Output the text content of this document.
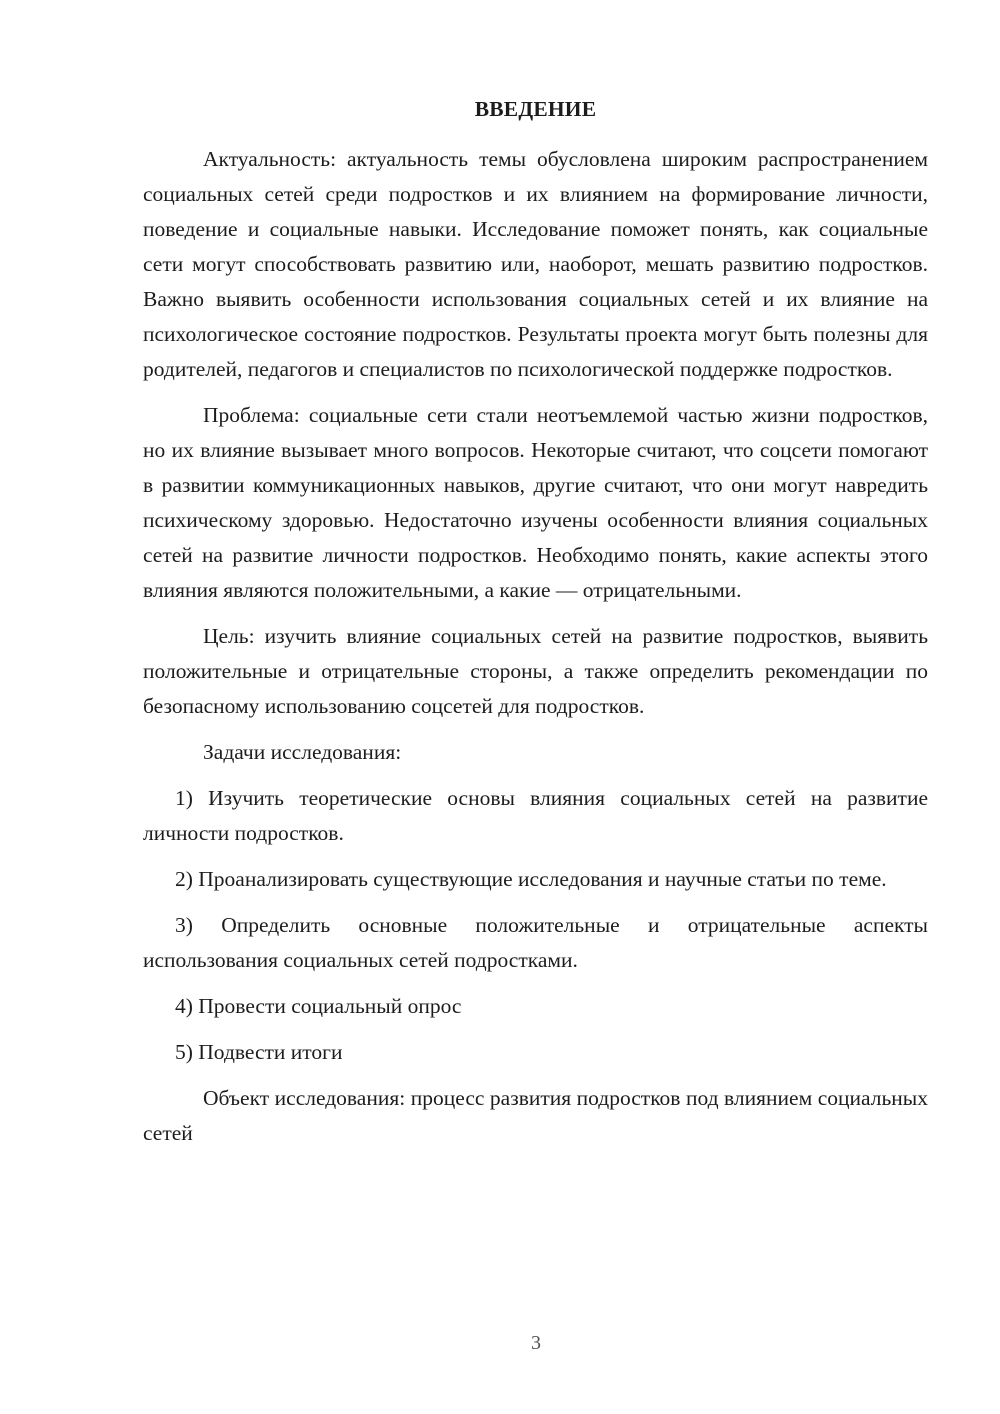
ВВЕДЕНИЕ

Актуальность: актуальность темы обусловлена широким распространением социальных сетей среди подростков и их влиянием на формирование личности, поведение и социальные навыки. Исследование поможет понять, как социальные сети могут способствовать развитию или, наоборот, мешать развитию подростков. Важно выявить особенности использования социальных сетей и их влияние на психологическое состояние подростков. Результаты проекта могут быть полезны для родителей, педагогов и специалистов по психологической поддержке подростков.

Проблема: социальные сети стали неотъемлемой частью жизни подростков, но их влияние вызывает много вопросов. Некоторые считают, что соцсети помогают в развитии коммуникационных навыков, другие считают, что они могут навредить психическому здоровью. Недостаточно изучены особенности влияния социальных сетей на развитие личности подростков. Необходимо понять, какие аспекты этого влияния являются положительными, а какие — отрицательными.

Цель: изучить влияние социальных сетей на развитие подростков, выявить положительные и отрицательные стороны, а также определить рекомендации по безопасному использованию соцсетей для подростков.

Задачи исследования:

1) Изучить теоретические основы влияния социальных сетей на развитие личности подростков.

2) Проанализировать существующие исследования и научные статьи по теме.

3) Определить основные положительные и отрицательные аспекты использования социальных сетей подростками.

4) Провести социальный опрос

5) Подвести итоги

Объект исследования: процесс развития подростков под влиянием социальных сетей

3
